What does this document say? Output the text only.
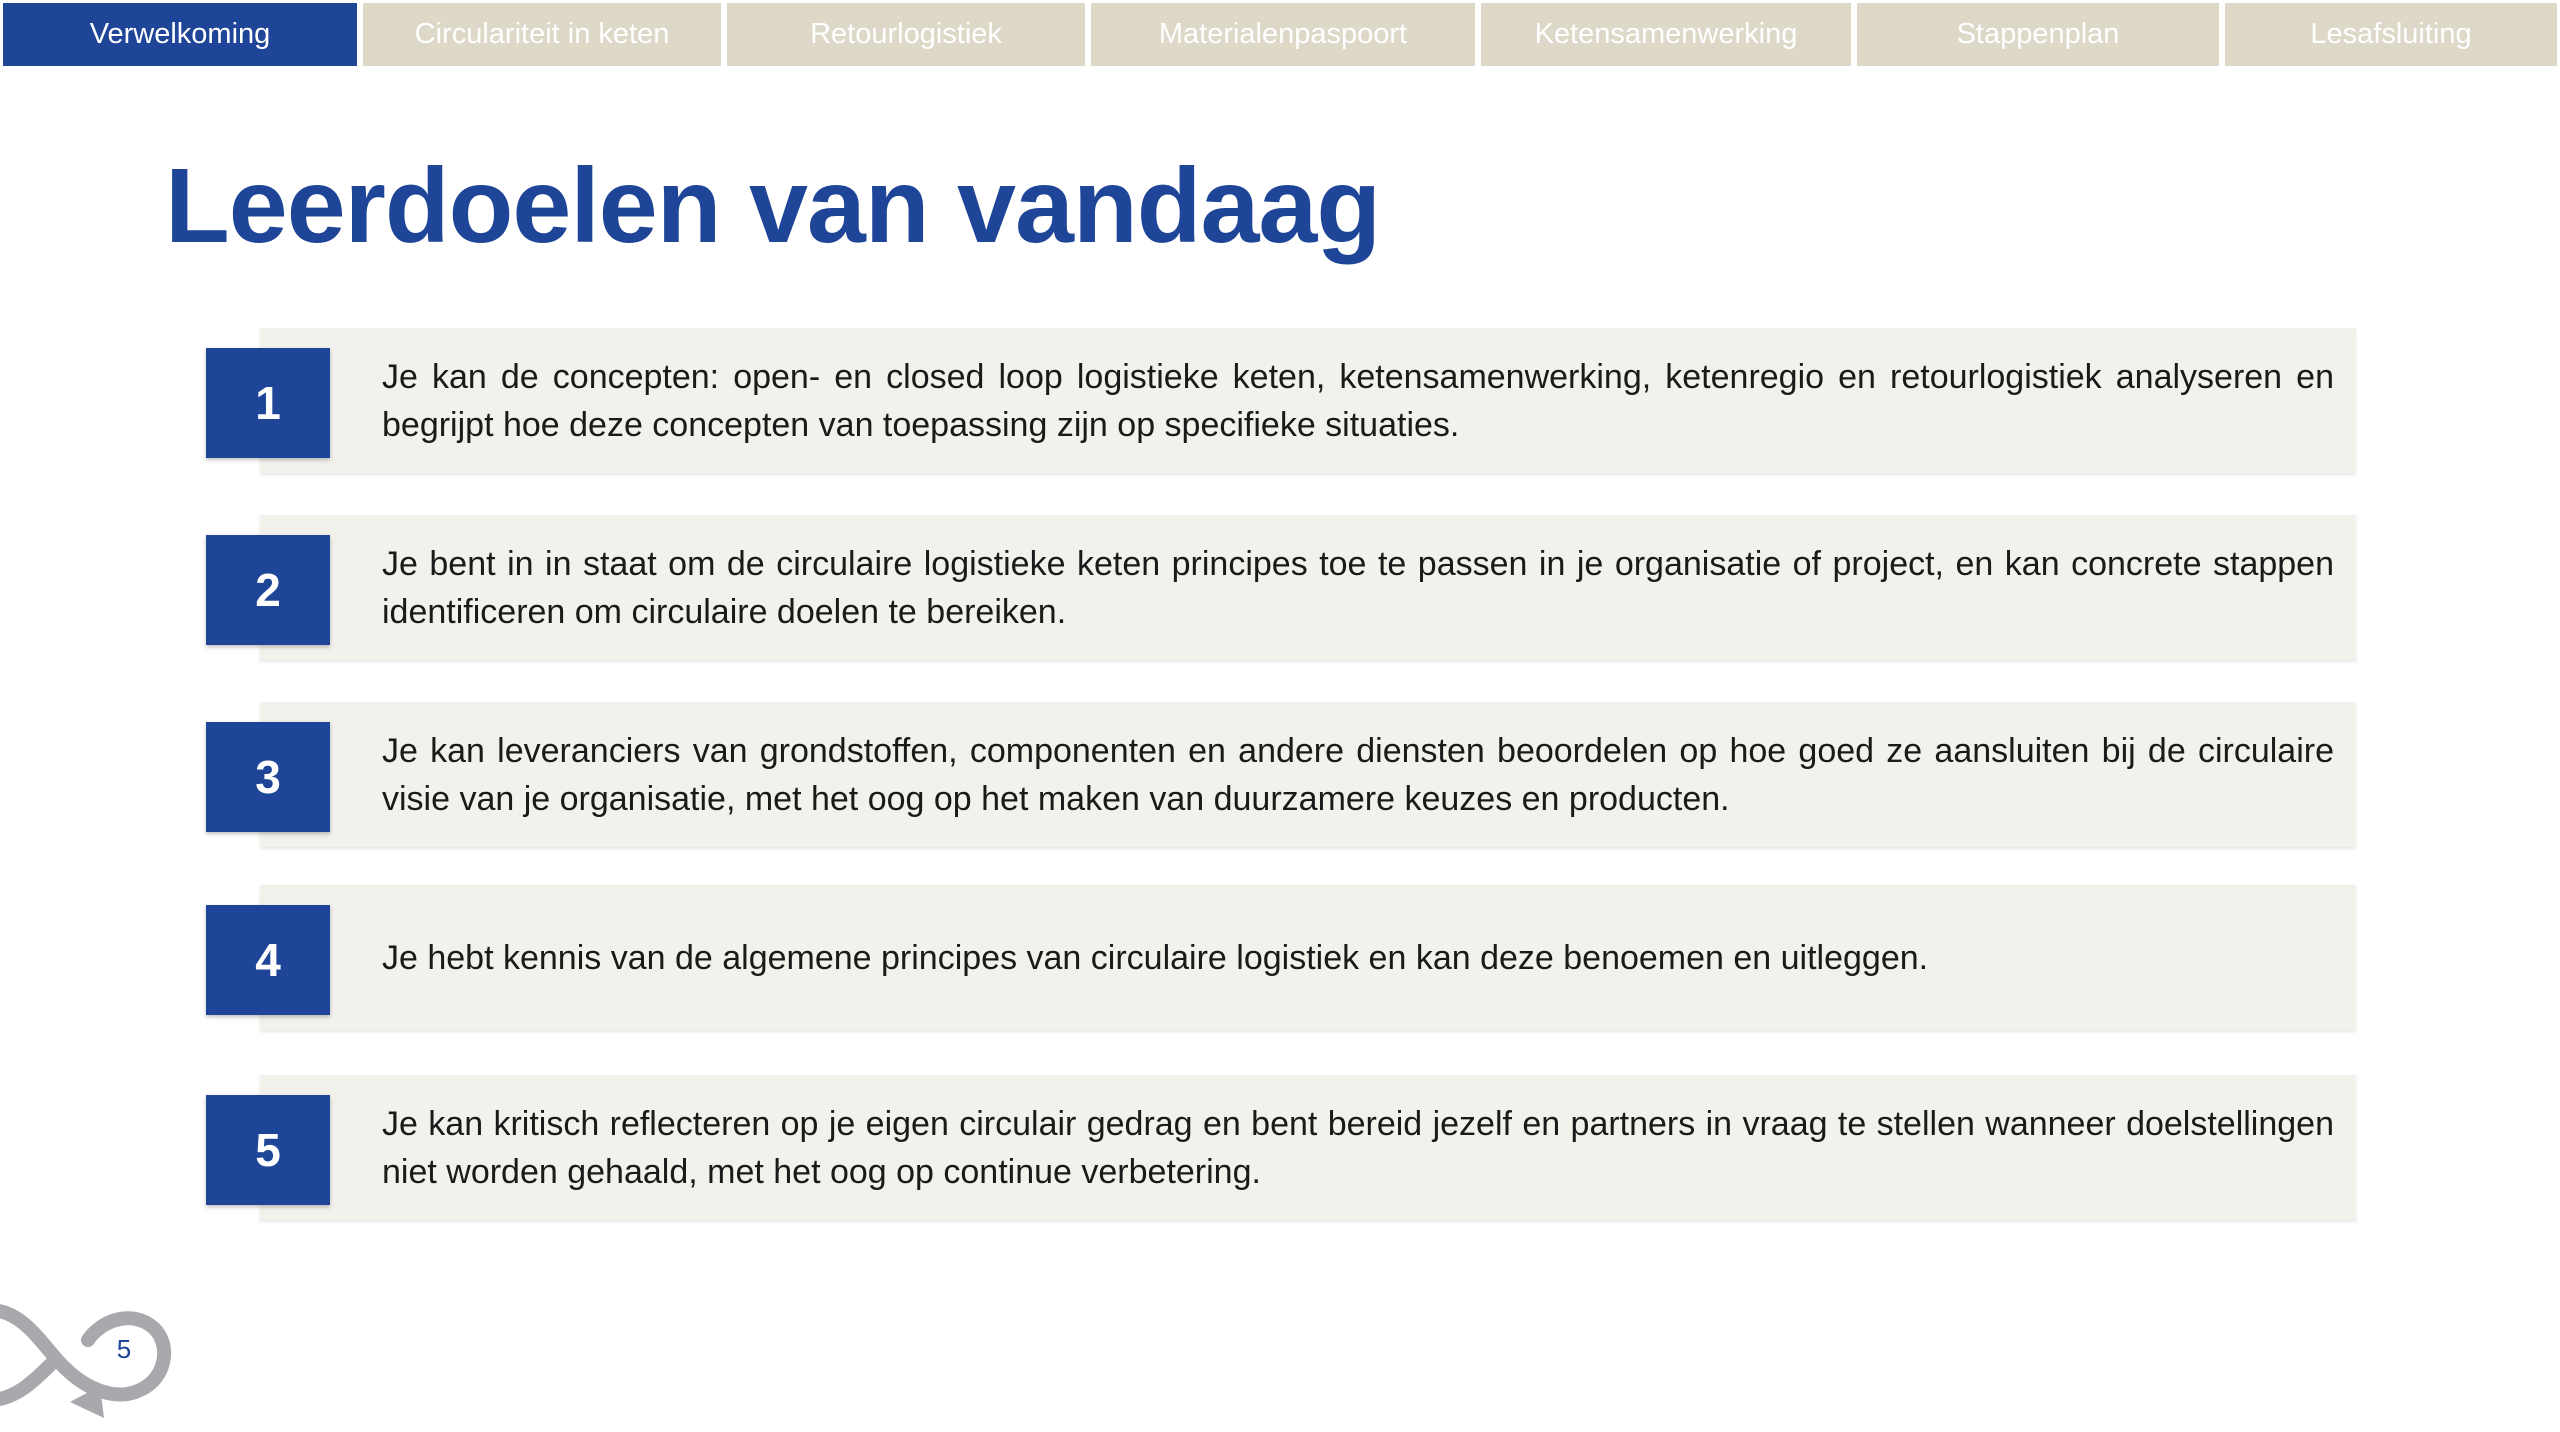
Verwelkoming	Circulariteit in keten	Retourlogistiek	Materialenpaspoort	Ketensamenwerking	Stappenplan	Lesafsluiting
Leerdoelen van vandaag
1
Je kan de concepten: open- en closed loop logistieke keten, ketensamenwerking, ketenregio en retourlogistiek analyseren en begrijpt hoe deze concepten van toepassing zijn op specifieke situaties.
2
Je bent in in staat om de circulaire logistieke keten principes toe te passen in je organisatie of project, en kan concrete stappen identificeren om circulaire doelen te bereiken.
3
Je kan leveranciers van grondstoffen, componenten en andere diensten beoordelen op hoe goed ze aansluiten bij de circulaire visie van je organisatie, met het oog op het maken van duurzamere keuzes en producten.
4	Je hebt kennis van de algemene principes van circulaire logistiek en kan deze benoemen en uitleggen.
5
Je kan kritisch reflecteren op je eigen circulair gedrag en bent bereid jezelf en partners in vraag te stellen wanneer doelstellingen niet worden gehaald, met het oog op continue verbetering.
5
